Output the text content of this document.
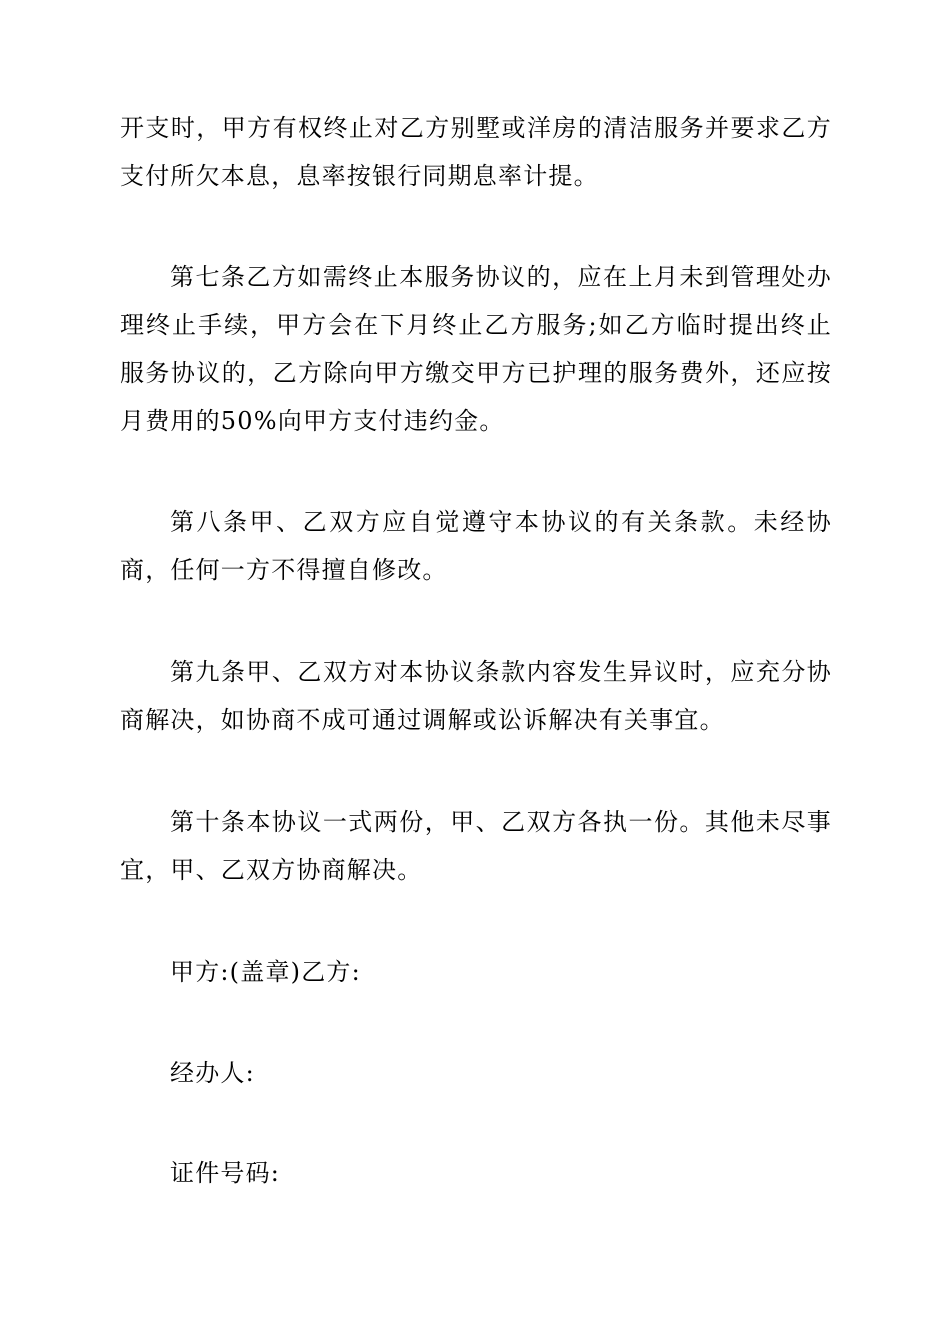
开支时，甲方有权终止对乙方别墅或洋房的清洁服务并要求乙方支付所欠本息，息率按银行同期息率计提。

第七条乙方如需终止本服务协议的，应在上月未到管理处办理终止手续，甲方会在下月终止乙方服务;如乙方临时提出终止服务协议的，乙方除向甲方缴交甲方已护理的服务费外，还应按月费用的50%向甲方支付违约金。

第八条甲、乙双方应自觉遵守本协议的有关条款。未经协商，任何一方不得擅自修改。

第九条甲、乙双方对本协议条款内容发生异议时，应充分协商解决，如协商不成可通过调解或讼诉解决有关事宜。

第十条本协议一式两份，甲、乙双方各执一份。其他未尽事宜，甲、乙双方协商解决。

甲方:(盖章)乙方:

经办人:

证件号码:
